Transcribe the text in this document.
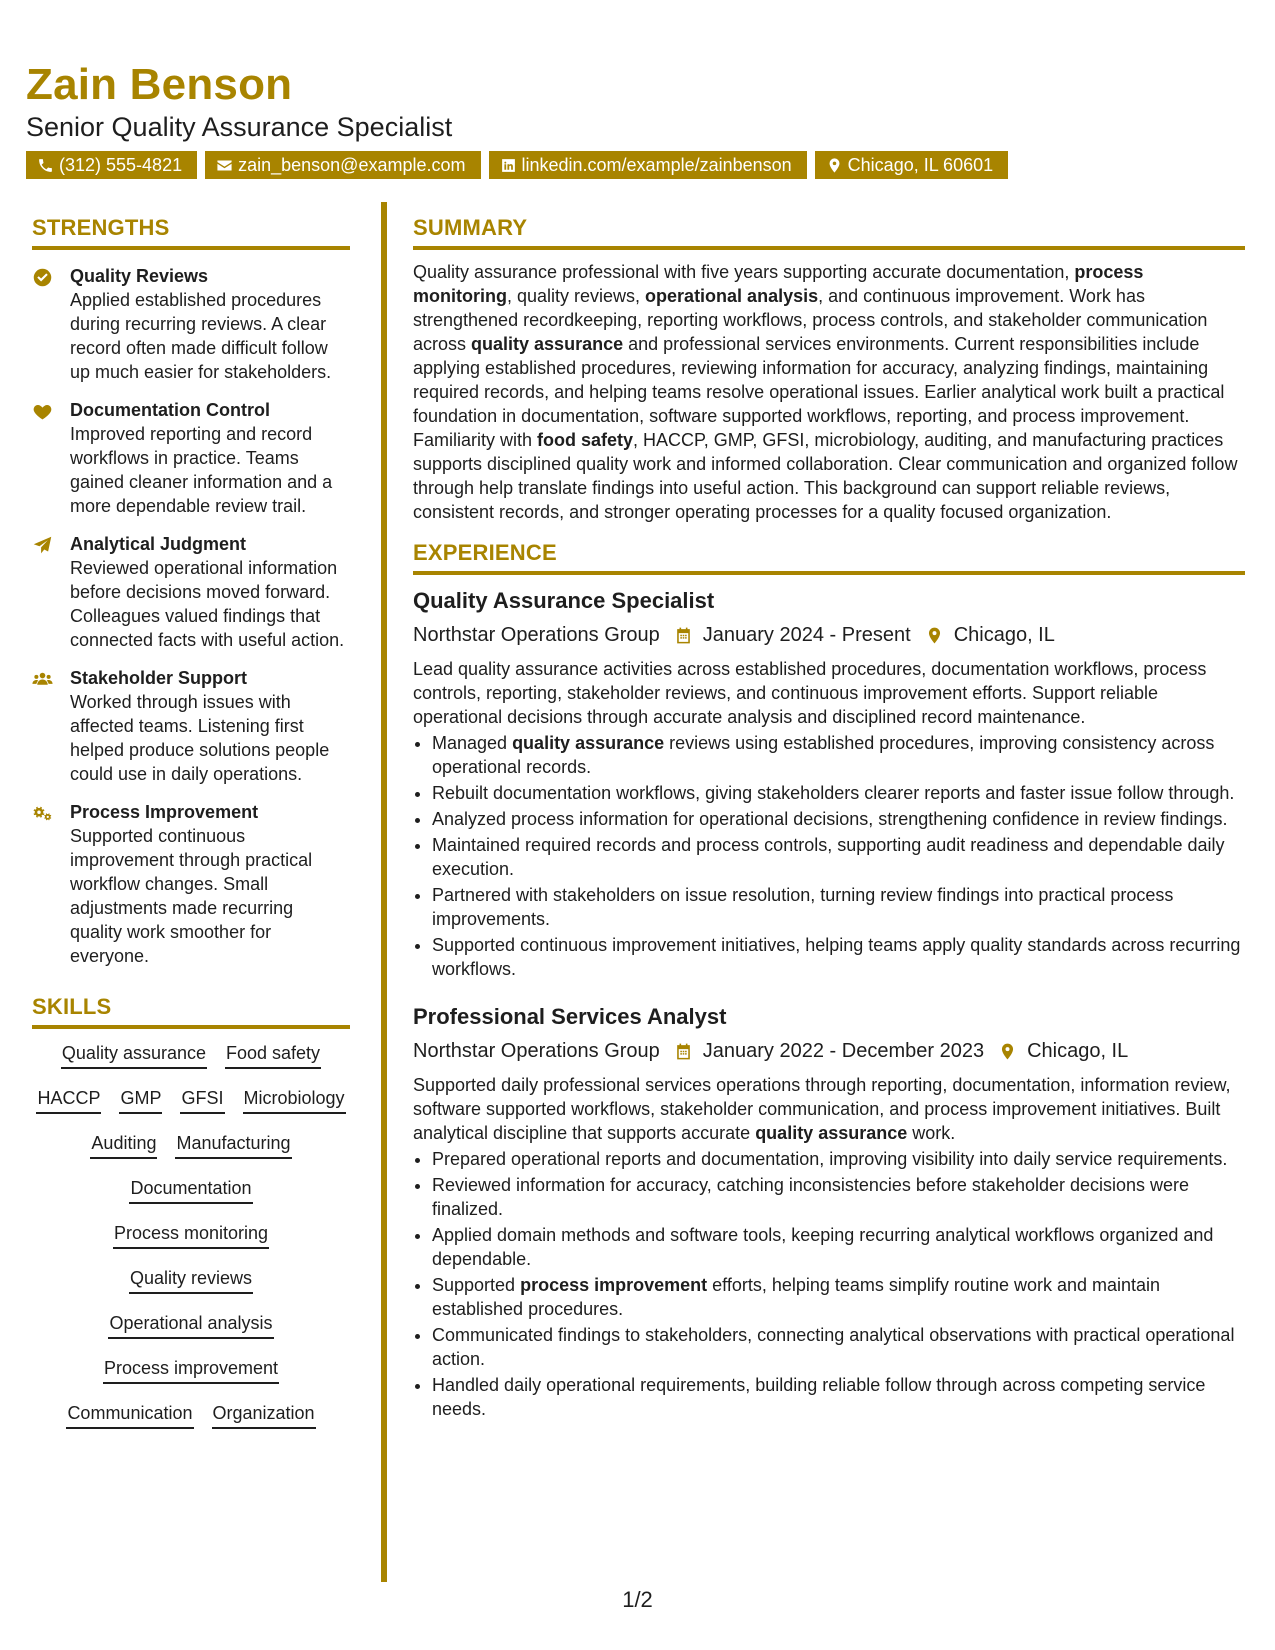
Zain Benson
Senior Quality Assurance Specialist
(312) 555-4821	zain_benson@example.com	linkedin.com/example/zainbenson	Chicago, IL 60601
STRENGTHS
Quality Reviews
Applied established procedures during recurring reviews. A clear record often made difficult follow up much easier for stakeholders.
Documentation Control
Improved reporting and record workflows in practice. Teams gained cleaner information and a more dependable review trail.
Analytical Judgment
Reviewed operational information before decisions moved forward. Colleagues valued findings that connected facts with useful action.
Stakeholder Support
Worked through issues with affected teams. Listening first helped produce solutions people could use in daily operations.
Process Improvement
Supported continuous improvement through practical workflow changes. Small adjustments made recurring quality work smoother for everyone.
SKILLS
Quality assurance Food safety
HACCP GMP GFSI Microbiology
Auditing Manufacturing
Documentation
Process monitoring
Quality reviews
Operational analysis
Process improvement
Communication Organization
SUMMARY

Quality assurance professional with five years supporting accurate documentation, process monitoring, quality reviews, operational analysis, and continuous improvement. Work has strengthened recordkeeping, reporting workflows, process controls, and stakeholder communication across quality assurance and professional services environments. Current responsibilities include applying established procedures, reviewing information for accuracy, analyzing findings, maintaining required records, and helping teams resolve operational issues. Earlier analytical work built a practical foundation in documentation, software supported workflows, reporting, and process improvement. Familiarity with food safety, HACCP, GMP, GFSI, microbiology, auditing, and manufacturing practices supports disciplined quality work and informed collaboration. Clear communication and organized follow through help translate findings into useful action. This background can support reliable reviews, consistent records, and stronger operating processes for a quality focused organization.

EXPERIENCE
Quality Assurance Specialist
Northstar Operations Group January 2024 - Present Chicago, IL

Lead quality assurance activities across established procedures, documentation workflows, process controls, reporting, stakeholder reviews, and continuous improvement efforts. Support reliable operational decisions through accurate analysis and disciplined record maintenance.

• Managed quality assurance reviews using established procedures, improving consistency across operational records.
• Rebuilt documentation workflows, giving stakeholders clearer reports and faster issue follow through.
• Analyzed process information for operational decisions, strengthening confidence in review findings.
• Maintained required records and process controls, supporting audit readiness and dependable daily execution.
• Partnered with stakeholders on issue resolution, turning review findings into practical process improvements.
• Supported continuous improvement initiatives, helping teams apply quality standards across recurring workflows.
Professional Services Analyst
Northstar Operations Group January 2022 - December 2023 Chicago, IL

Supported daily professional services operations through reporting, documentation, information review, software supported workflows, stakeholder communication, and process improvement initiatives. Built analytical discipline that supports accurate quality assurance work.

• Prepared operational reports and documentation, improving visibility into daily service requirements.
• Reviewed information for accuracy, catching inconsistencies before stakeholder decisions were finalized.
• Applied domain methods and software tools, keeping recurring analytical workflows organized and dependable.
• Supported process improvement efforts, helping teams simplify routine work and maintain established procedures.
• Communicated findings to stakeholders, connecting analytical observations with practical operational action.
• Handled daily operational requirements, building reliable follow through across competing service needs.
1/2
